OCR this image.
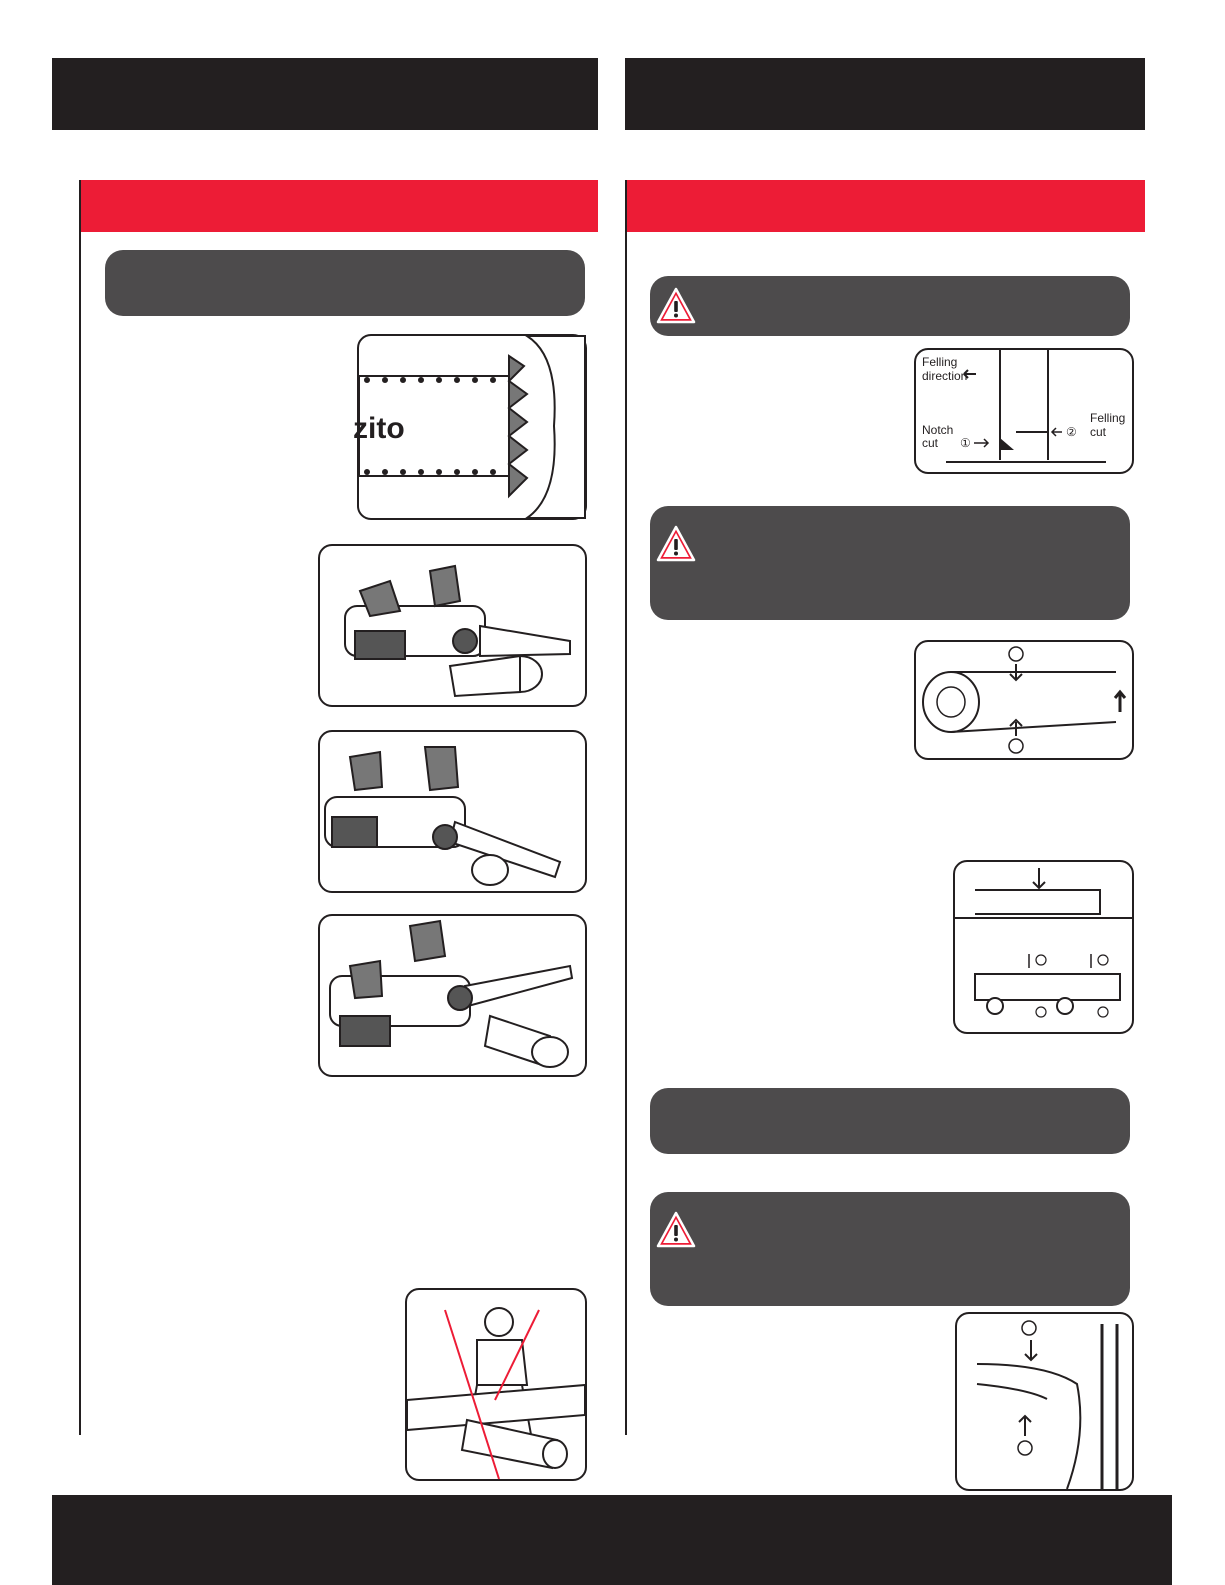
zito
Felling
direction
Notch
cut
Felling
cut
①
②
